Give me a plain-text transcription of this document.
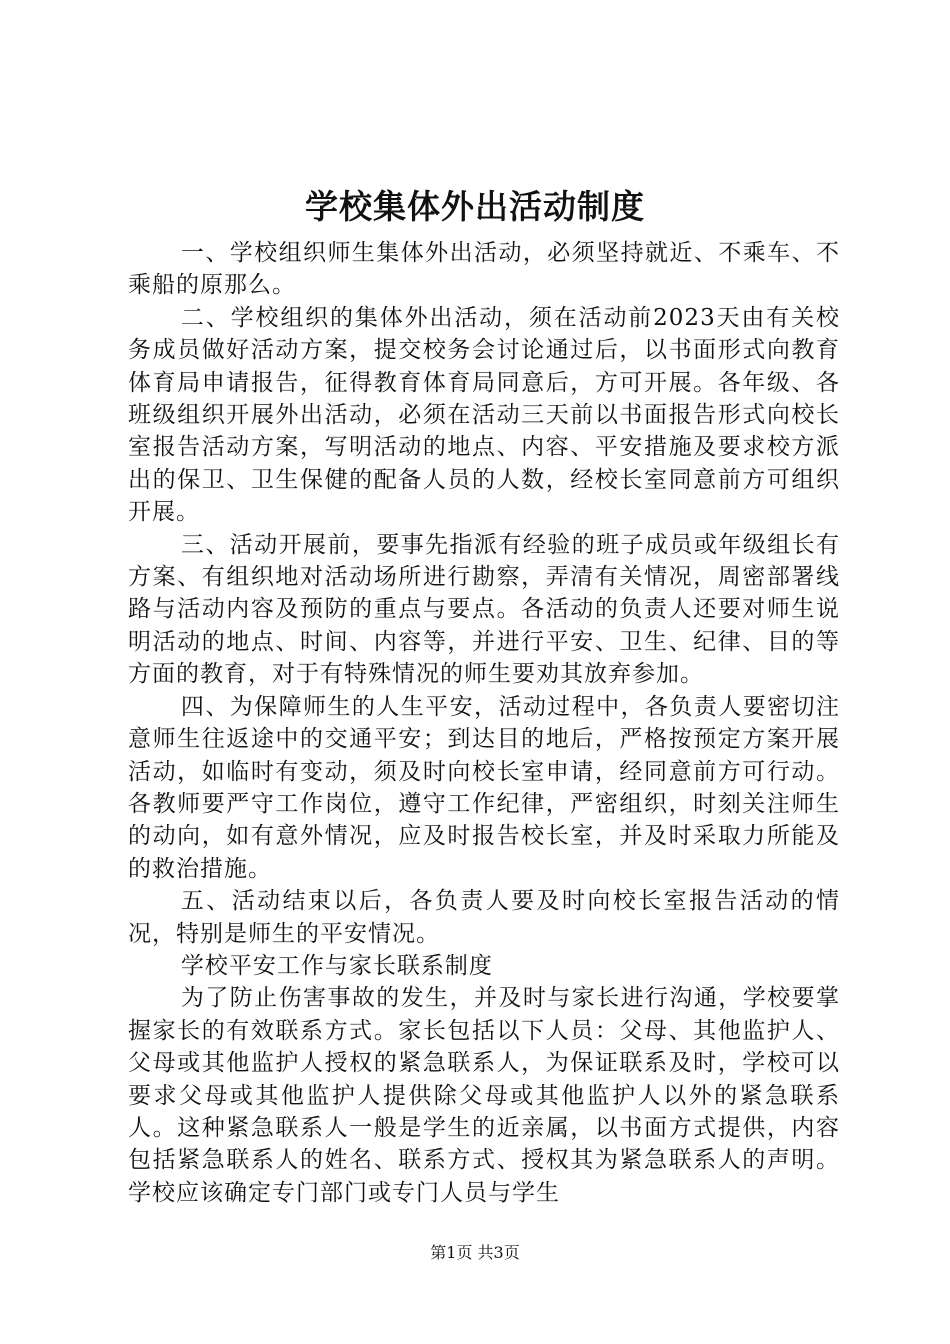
学校集体外出活动制度

一、学校组织师生集体外出活动，必须坚持就近、不乘车、不乘船的原那么。

二、学校组织的集体外出活动，须在活动前2023天由有关校务成员做好活动方案，提交校务会讨论通过后，以书面形式向教育体育局申请报告，征得教育体育局同意后，方可开展。各年级、各班级组织开展外出活动，必须在活动三天前以书面报告形式向校长室报告活动方案，写明活动的地点、内容、平安措施及要求校方派出的保卫、卫生保健的配备人员的人数，经校长室同意前方可组织开展。

三、活动开展前，要事先指派有经验的班子成员或年级组长有方案、有组织地对活动场所进行勘察，弄清有关情况，周密部署线路与活动内容及预防的重点与要点。各活动的负责人还要对师生说明活动的地点、时间、内容等，并进行平安、卫生、纪律、目的等方面的教育，对于有特殊情况的师生要劝其放弃参加。

四、为保障师生的人生平安，活动过程中，各负责人要密切注意师生往返途中的交通平安；到达目的地后，严格按预定方案开展活动，如临时有变动，须及时向校长室申请，经同意前方可行动。各教师要严守工作岗位，遵守工作纪律，严密组织，时刻关注师生的动向，如有意外情况，应及时报告校长室，并及时采取力所能及的救治措施。

五、活动结束以后，各负责人要及时向校长室报告活动的情况，特别是师生的平安情况。

学校平安工作与家长联系制度

为了防止伤害事故的发生，并及时与家长进行沟通，学校要掌握家长的有效联系方式。家长包括以下人员：父母、其他监护人、父母或其他监护人授权的紧急联系人，为保证联系及时，学校可以要求父母或其他监护人提供除父母或其他监护人以外的紧急联系人。这种紧急联系人一般是学生的近亲属，以书面方式提供，内容包括紧急联系人的姓名、联系方式、授权其为紧急联系人的声明。学校应该确定专门部门或专门人员与学生

第1页 共3页
